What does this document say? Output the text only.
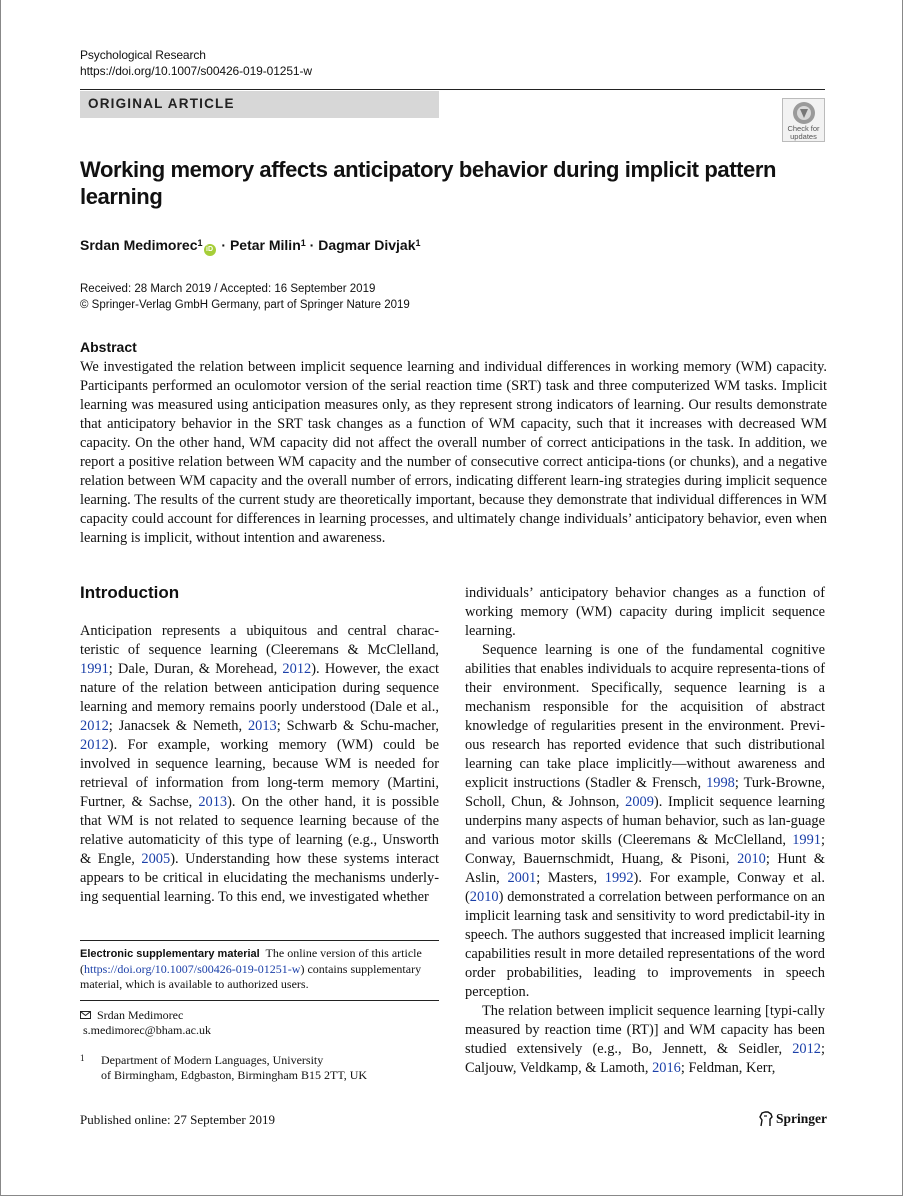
Psychological Research
https://doi.org/10.1007/s00426-019-01251-w
ORIGINAL ARTICLE
Check for
updates
Working memory affects anticipatory behavior during implicit pattern learning
Srdan Medimorec$^1$iD · Petar Milin$^1$ · Dagmar Divjak$^1$
Received: 28 March 2019 / Accepted: 16 September 2019
© Springer-Verlag GmbH Germany, part of Springer Nature 2019
Abstract

We investigated the relation between implicit sequence learning and individual differences in working memory (WM) capacity. Participants performed an oculomotor version of the serial reaction time (SRT) task and three computerized WM tasks. Implicit learning was measured using anticipation measures only, as they represent strong indicators of learning. Our results demonstrate that anticipatory behavior in the SRT task changes as a function of WM capacity, such that it increases with decreased WM capacity. On the other hand, WM capacity did not affect the overall number of correct anticipations in the task. In addition, we report a positive relation between WM capacity and the number of consecutive correct anticipa-tions (or chunks), and a negative relation between WM capacity and the overall number of errors, indicating different learn-ing strategies during implicit sequence learning. The results of the current study are theoretically important, because they demonstrate that individual differences in WM capacity could account for differences in learning processes, and ultimately change individuals’ anticipatory behavior, even when learning is implicit, without intention and awareness.

Introduction

Anticipation represents a ubiquitous and central charac-teristic of sequence learning (Cleeremans & McClelland, 1991; Dale, Duran, & Morehead, 2012). However, the exact nature of the relation between anticipation during sequence learning and memory remains poorly understood (Dale et al., 2012; Janacsek & Nemeth, 2013; Schwarb & Schu-macher, 2012). For example, working memory (WM) could be involved in sequence learning, because WM is needed for retrieval of information from long-term memory (Martini, Furtner, & Sachse, 2013). On the other hand, it is possible that WM is not related to sequence learning because of the relative automaticity of this type of learning (e.g., Unsworth & Engle, 2005). Understanding how these systems interact appears to be critical in elucidating the mechanisms underly-ing sequential learning. To this end, we investigated whether

individuals’ anticipatory behavior changes as a function of working memory (WM) capacity during implicit sequence learning.

Sequence learning is one of the fundamental cognitive abilities that enables individuals to acquire representa-tions of their environment. Specifically, sequence learning is a mechanism responsible for the acquisition of abstract knowledge of regularities present in the environment. Previ-ous research has reported evidence that such distributional learning can take place implicitly—without awareness and explicit instructions (Stadler & Frensch, 1998; Turk-Browne, Scholl, Chun, & Johnson, 2009). Implicit sequence learning underpins many aspects of human behavior, such as lan-guage and various motor skills (Cleeremans & McClelland, 1991; Conway, Bauernschmidt, Huang, & Pisoni, 2010; Hunt & Aslin, 2001; Masters, 1992). For example, Conway et al. (2010) demonstrated a correlation between performance on an implicit learning task and sensitivity to word predictabil-ity in speech. The authors suggested that increased implicit learning capabilities result in more detailed representations of the word order probabilities, leading to improvements in speech perception.

The relation between implicit sequence learning [typi-cally measured by reaction time (RT)] and WM capacity has been studied extensively (e.g., Bo, Jennett, & Seidler, 2012; Caljouw, Veldkamp, & Lamoth, 2016; Feldman, Kerr,

Electronic supplementary material The online version of this article (https://doi.org/10.1007/s00426-019-01251-w) contains supplementary material, which is available to authorized users.
Srdan Medimorec
s.medimorec@bham.ac.uk
1	Department of Modern Languages, University
of Birmingham, Edgbaston, Birmingham B15 2TT, UK
Published online: 27 September 2019	Springer
